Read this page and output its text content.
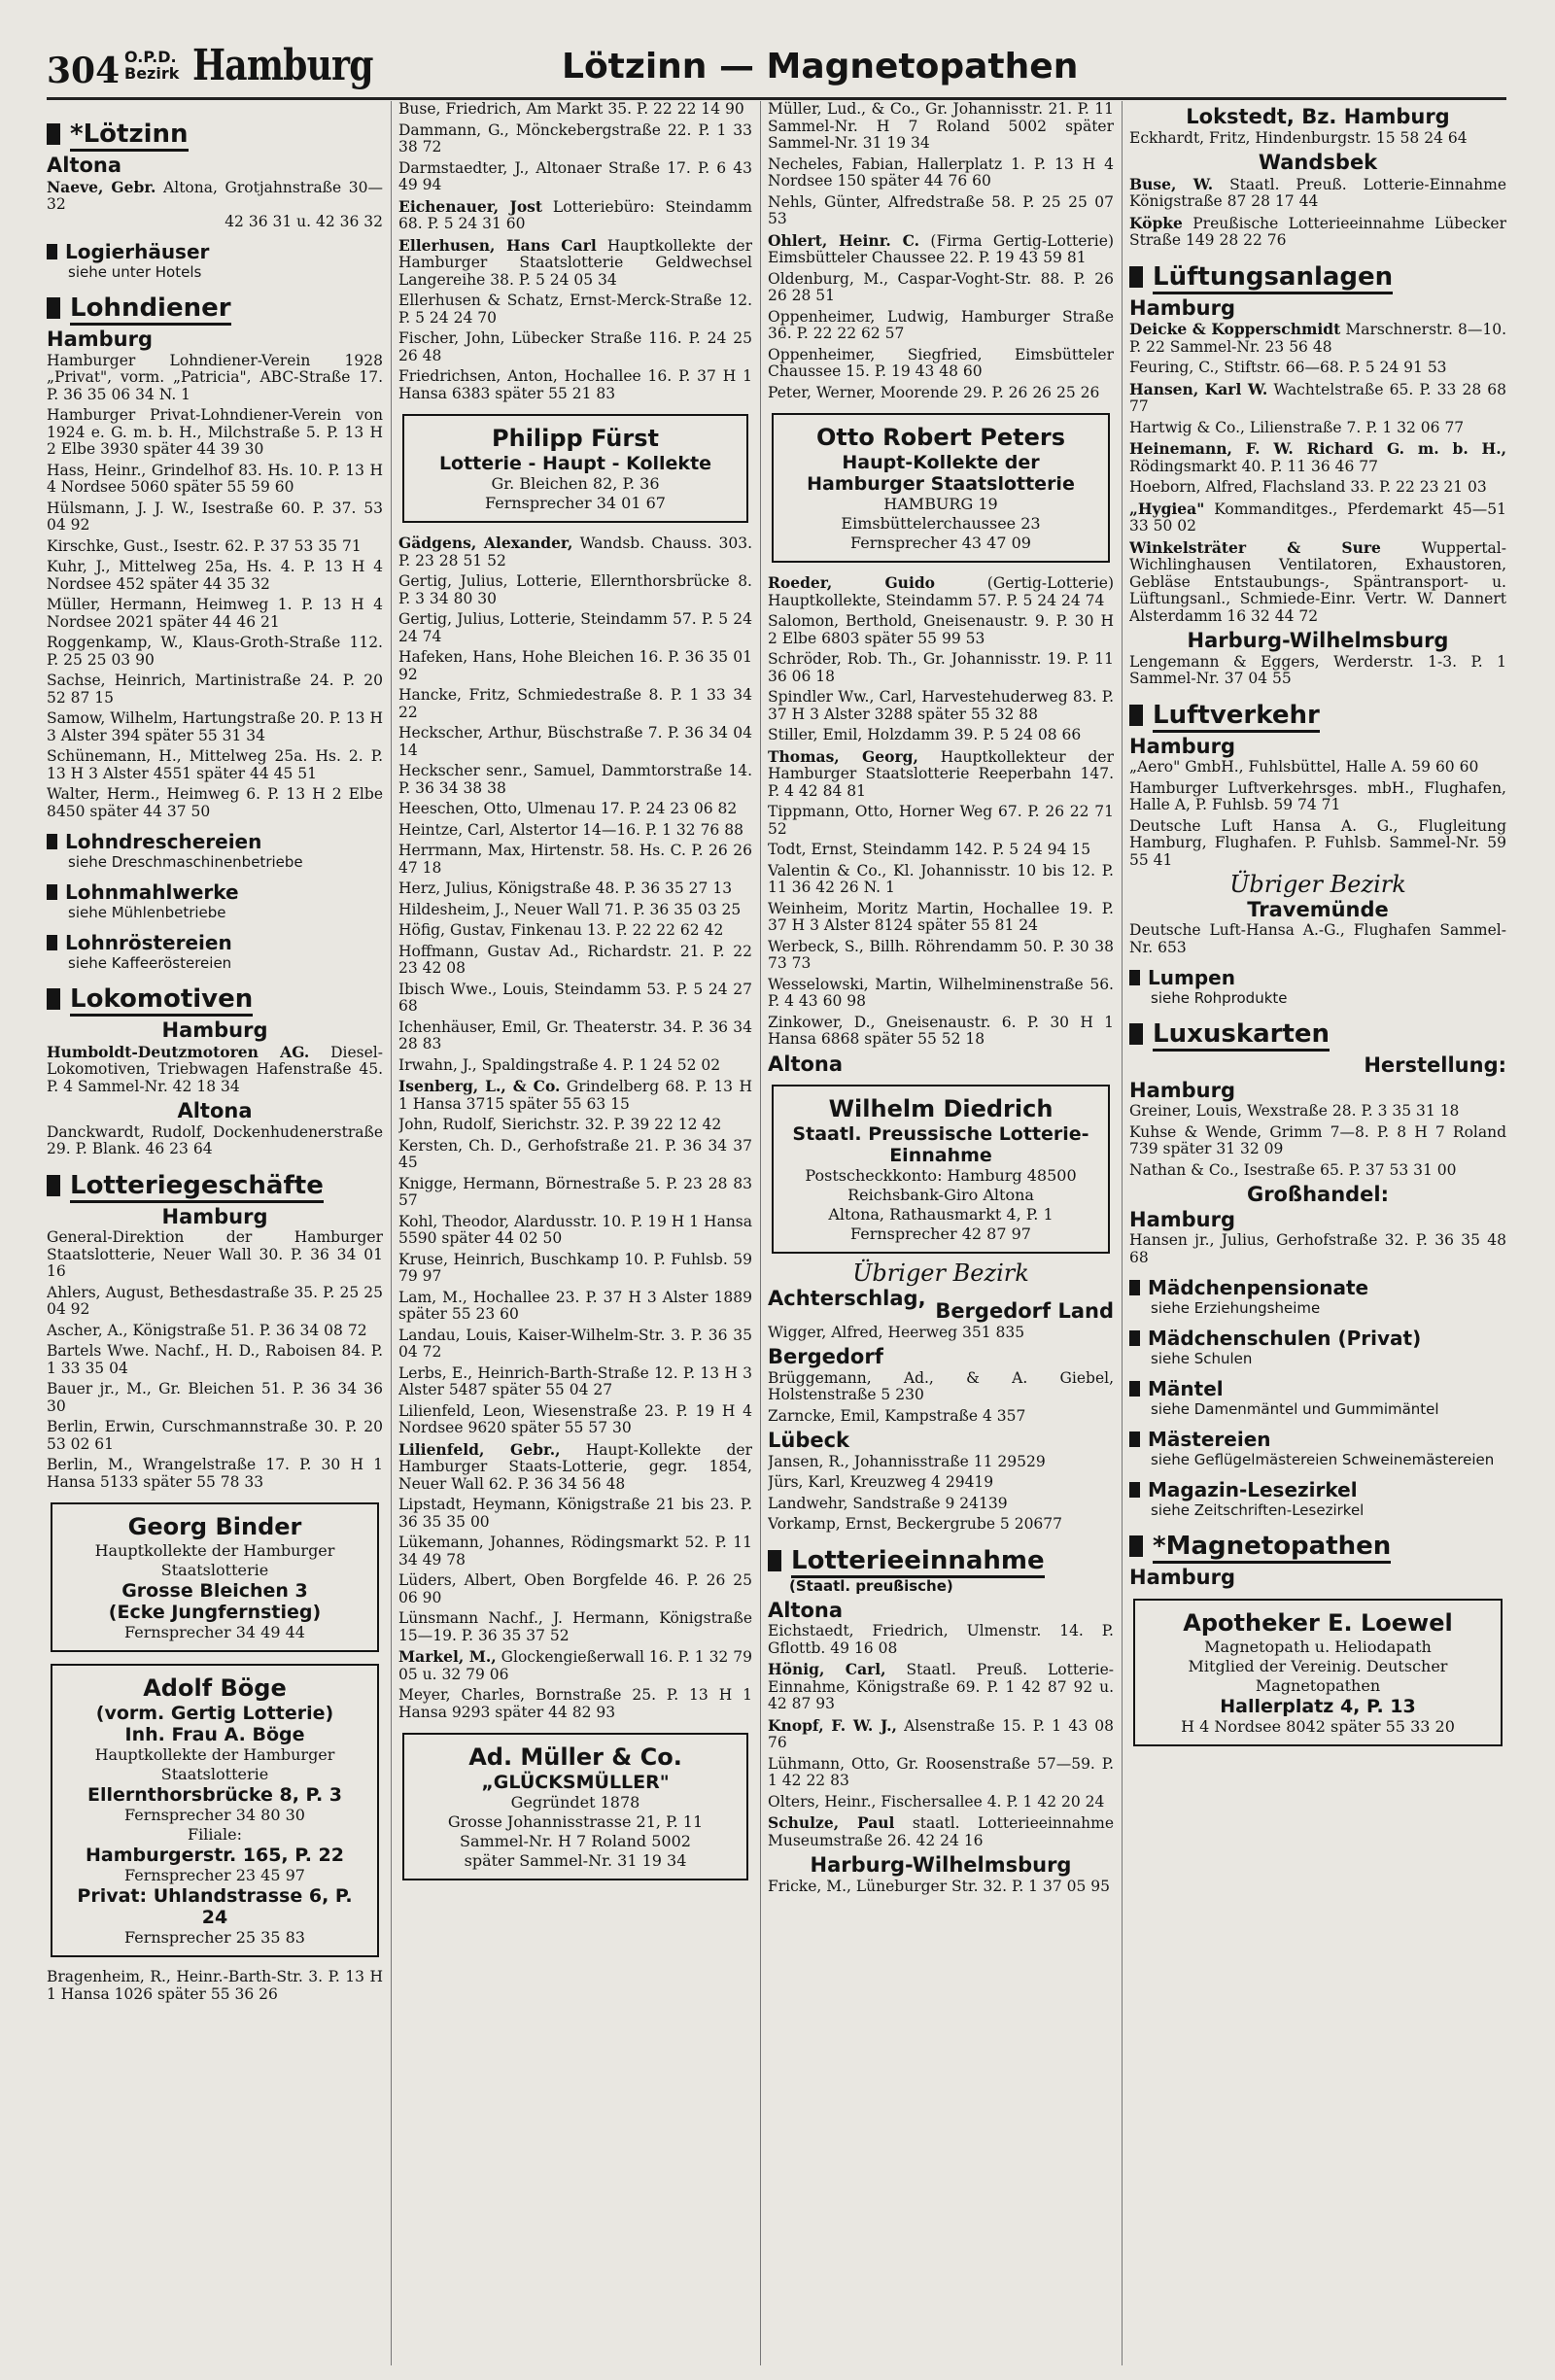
304 O.P.D.
Bezirk Hamburg	Lötzinn — Magnetopathen
*Lötzinn
Altona

Naeve, Gebr. Altona, Grotjahnstraße 30—32
42 36 31 u. 42 36 32

Logierhäuser
siehe unter Hotels
Lohndiener
Hamburg

Hamburger Lohndiener-Verein 1928 „Privat", vorm. „Patricia", ABC-Straße 17. P. 36 35 06 34 N. 1

Hamburger Privat-Lohndiener-Verein von 1924 e. G. m. b. H., Milchstraße 5. P. 13 H 2 Elbe 3930 später 44 39 30

Hass, Heinr., Grindelhof 83. Hs. 10. P. 13 H 4 Nordsee 5060 später 55 59 60

Hülsmann, J. J. W., Isestraße 60. P. 37. 53 04 92

Kirschke, Gust., Isestr. 62. P. 37 53 35 71

Kuhr, J., Mittelweg 25a, Hs. 4. P. 13 H 4 Nordsee 452 später 44 35 32

Müller, Hermann, Heimweg 1. P. 13 H 4 Nordsee 2021 später 44 46 21

Roggenkamp, W., Klaus-Groth-Straße 112. P. 25 25 03 90

Sachse, Heinrich, Martinistraße 24. P. 20 52 87 15

Samow, Wilhelm, Hartungstraße 20. P. 13 H 3 Alster 394 später 55 31 34

Schünemann, H., Mittelweg 25a. Hs. 2. P. 13 H 3 Alster 4551 später 44 45 51

Walter, Herm., Heimweg 6. P. 13 H 2 Elbe 8450 später 44 37 50

Lohndreschereien
siehe Dreschmaschinenbetriebe
Lohnmahlwerke
siehe Mühlenbetriebe
Lohnröstereien
siehe Kaffeeröstereien
Lokomotiven
Hamburg

Humboldt-Deutzmotoren AG. Diesel-Lokomotiven, Triebwagen Hafenstraße 45. P. 4 Sammel-Nr. 42 18 34

Altona

Danckwardt, Rudolf, Dockenhudenerstraße 29. P. Blank. 46 23 64

Lotteriegeschäfte
Hamburg

General-Direktion der Hamburger Staatslotterie, Neuer Wall 30. P. 36 34 01 16

Ahlers, August, Bethesdastraße 35. P. 25 25 04 92

Ascher, A., Königstraße 51. P. 36 34 08 72

Bartels Wwe. Nachf., H. D., Raboisen 84. P. 1 33 35 04

Bauer jr., M., Gr. Bleichen 51. P. 36 34 36 30

Berlin, Erwin, Curschmannstraße 30. P. 20 53 02 61

Berlin, M., Wrangelstraße 17. P. 30 H 1 Hansa 5133 später 55 78 33

Georg Binder
Hauptkollekte der Hamburger Staatslotterie
Grosse Bleichen 3
(Ecke Jungfernstieg)
Fernsprecher 34 49 44
Adolf Böge
(vorm. Gertig Lotterie)
Inh. Frau A. Böge
Hauptkollekte der Hamburger Staatslotterie
Ellernthorsbrücke 8, P. 3
Fernsprecher 34 80 30
Filiale:
Hamburgerstr. 165, P. 22
Fernsprecher 23 45 97
Privat: Uhlandstrasse 6, P. 24
Fernsprecher 25 35 83

Bragenheim, R., Heinr.-Barth-Str. 3. P. 13 H 1 Hansa 1026 später 55 36 26

Buse, Friedrich, Am Markt 35. P. 22 22 14 90

Dammann, G., Mönckebergstraße 22. P. 1 33 38 72

Darmstaedter, J., Altonaer Straße 17. P. 6 43 49 94

Eichenauer, Jost Lotteriebüro: Steindamm 68. P. 5 24 31 60

Ellerhusen, Hans Carl Hauptkollekte der Hamburger Staatslotterie Geldwechsel Langereihe 38. P. 5 24 05 34

Ellerhusen & Schatz, Ernst-Merck-Straße 12. P. 5 24 24 70

Fischer, John, Lübecker Straße 116. P. 24 25 26 48

Friedrichsen, Anton, Hochallee 16. P. 37 H 1 Hansa 6383 später 55 21 83

Philipp Fürst
Lotterie - Haupt - Kollekte
Gr. Bleichen 82, P. 36
Fernsprecher 34 01 67

Gädgens, Alexander, Wandsb. Chauss. 303. P. 23 28 51 52

Gertig, Julius, Lotterie, Ellernthorsbrücke 8. P. 3 34 80 30

Gertig, Julius, Lotterie, Steindamm 57. P. 5 24 24 74

Hafeken, Hans, Hohe Bleichen 16. P. 36 35 01 92

Hancke, Fritz, Schmiedestraße 8. P. 1 33 34 22

Heckscher, Arthur, Büschstraße 7. P. 36 34 04 14

Heckscher senr., Samuel, Dammtorstraße 14. P. 36 34 38 38

Heeschen, Otto, Ulmenau 17. P. 24 23 06 82

Heintze, Carl, Alstertor 14—16. P. 1 32 76 88

Herrmann, Max, Hirtenstr. 58. Hs. C. P. 26 26 47 18

Herz, Julius, Königstraße 48. P. 36 35 27 13

Hildesheim, J., Neuer Wall 71. P. 36 35 03 25

Höfig, Gustav, Finkenau 13. P. 22 22 62 42

Hoffmann, Gustav Ad., Richardstr. 21. P. 22 23 42 08

Ibisch Wwe., Louis, Steindamm 53. P. 5 24 27 68

Ichenhäuser, Emil, Gr. Theaterstr. 34. P. 36 34 28 83

Irwahn, J., Spaldingstraße 4. P. 1 24 52 02

Isenberg, L., & Co. Grindelberg 68. P. 13 H 1 Hansa 3715 später 55 63 15

John, Rudolf, Sierichstr. 32. P. 39 22 12 42

Kersten, Ch. D., Gerhofstraße 21. P. 36 34 37 45

Knigge, Hermann, Börnestraße 5. P. 23 28 83 57

Kohl, Theodor, Alardusstr. 10. P. 19 H 1 Hansa 5590 später 44 02 50

Kruse, Heinrich, Buschkamp 10. P. Fuhlsb. 59 79 97

Lam, M., Hochallee 23. P. 37 H 3 Alster 1889 später 55 23 60

Landau, Louis, Kaiser-Wilhelm-Str. 3. P. 36 35 04 72

Lerbs, E., Heinrich-Barth-Straße 12. P. 13 H 3 Alster 5487 später 55 04 27

Lilienfeld, Leon, Wiesenstraße 23. P. 19 H 4 Nordsee 9620 später 55 57 30

Lilienfeld, Gebr., Haupt-Kollekte der Hamburger Staats-Lotterie, gegr. 1854, Neuer Wall 62. P. 36 34 56 48

Lipstadt, Heymann, Königstraße 21 bis 23. P. 36 35 35 00

Lükemann, Johannes, Rödingsmarkt 52. P. 11 34 49 78

Lüders, Albert, Oben Borgfelde 46. P. 26 25 06 90

Lünsmann Nachf., J. Hermann, Königstraße 15—19. P. 36 35 37 52

Markel, M., Glockengießerwall 16. P. 1 32 79 05 u. 32 79 06

Meyer, Charles, Bornstraße 25. P. 13 H 1 Hansa 9293 später 44 82 93

Ad. Müller & Co.
„GLÜCKSMÜLLER"
Gegründet 1878
Grosse Johannisstrasse 21, P. 11
Sammel-Nr. H 7 Roland 5002
später Sammel-Nr. 31 19 34

Müller, Lud., & Co., Gr. Johannisstr. 21. P. 11 Sammel-Nr. H 7 Roland 5002 später Sammel-Nr. 31 19 34

Necheles, Fabian, Hallerplatz 1. P. 13 H 4 Nordsee 150 später 44 76 60

Nehls, Günter, Alfredstraße 58. P. 25 25 07 53

Ohlert, Heinr. C. (Firma Gertig-Lotterie) Eimsbütteler Chaussee 22. P. 19 43 59 81

Oldenburg, M., Caspar-Voght-Str. 88. P. 26 26 28 51

Oppenheimer, Ludwig, Hamburger Straße 36. P. 22 22 62 57

Oppenheimer, Siegfried, Eimsbütteler Chaussee 15. P. 19 43 48 60

Peter, Werner, Moorende 29. P. 26 26 25 26

Otto Robert Peters
Haupt-Kollekte der
Hamburger Staatslotterie
HAMBURG 19
Eimsbüttelerchaussee 23
Fernsprecher 43 47 09

Roeder, Guido (Gertig-Lotterie) Hauptkollekte, Steindamm 57. P. 5 24 24 74

Salomon, Berthold, Gneisenaustr. 9. P. 30 H 2 Elbe 6803 später 55 99 53

Schröder, Rob. Th., Gr. Johannisstr. 19. P. 11 36 06 18

Spindler Ww., Carl, Harvestehuderweg 83. P. 37 H 3 Alster 3288 später 55 32 88

Stiller, Emil, Holzdamm 39. P. 5 24 08 66

Thomas, Georg, Hauptkollekteur der Hamburger Staatslotterie Reeperbahn 147. P. 4 42 84 81

Tippmann, Otto, Horner Weg 67. P. 26 22 71 52

Todt, Ernst, Steindamm 142. P. 5 24 94 15

Valentin & Co., Kl. Johannisstr. 10 bis 12. P. 11 36 42 26 N. 1

Weinheim, Moritz Martin, Hochallee 19. P. 37 H 3 Alster 8124 später 55 81 24

Werbeck, S., Billh. Röhrendamm 50. P. 30 38 73 73

Wesselowski, Martin, Wilhelminenstraße 56. P. 4 43 60 98

Zinkower, D., Gneisenaustr. 6. P. 30 H 1 Hansa 6868 später 55 52 18

Altona
Wilhelm Diedrich
Staatl. Preussische Lotterie-Einnahme
Postscheckkonto: Hamburg 48500
Reichsbank-Giro Altona
Altona, Rathausmarkt 4, P. 1
Fernsprecher 42 87 97
Übriger Bezirk
Achterschlag,
Bergedorf Land

Wigger, Alfred, Heerweg 351 835

Bergedorf

Brüggemann, Ad., & A. Giebel, Holstenstraße 5 230

Zarncke, Emil, Kampstraße 4 357

Lübeck

Jansen, R., Johannisstraße 11 29529

Jürs, Karl, Kreuzweg 4 29419

Landwehr, Sandstraße 9 24139

Vorkamp, Ernst, Beckergrube 5 20677

Lotterieeinnahme
(Staatl. preußische)
Altona

Eichstaedt, Friedrich, Ulmenstr. 14. P. Gflottb. 49 16 08

Hönig, Carl, Staatl. Preuß. Lotterie-Einnahme, Königstraße 69. P. 1 42 87 92 u. 42 87 93

Knopf, F. W. J., Alsenstraße 15. P. 1 43 08 76

Lühmann, Otto, Gr. Roosenstraße 57—59. P. 1 42 22 83

Olters, Heinr., Fischersallee 4. P. 1 42 20 24

Schulze, Paul staatl. Lotterieeinnahme Museumstraße 26. 42 24 16

Harburg-Wilhelmsburg

Fricke, M., Lüneburger Str. 32. P. 1 37 05 95

Lokstedt, Bz. Hamburg

Eckhardt, Fritz, Hindenburgstr. 15 58 24 64

Wandsbek

Buse, W. Staatl. Preuß. Lotterie-Einnahme Königstraße 87 28 17 44

Köpke Preußische Lotterieeinnahme Lübecker Straße 149 28 22 76

Lüftungsanlagen
Hamburg

Deicke & Kopperschmidt Marschnerstr. 8—10. P. 22 Sammel-Nr. 23 56 48

Feuring, C., Stiftstr. 66—68. P. 5 24 91 53

Hansen, Karl W. Wachtelstraße 65. P. 33 28 68 77

Hartwig & Co., Lilienstraße 7. P. 1 32 06 77

Heinemann, F. W. Richard G. m. b. H., Rödingsmarkt 40. P. 11 36 46 77

Hoeborn, Alfred, Flachsland 33. P. 22 23 21 03

„Hygiea" Kommanditges., Pferdemarkt 45—51 33 50 02

Winkelsträter & Sure Wuppertal-Wichlinghausen Ventilatoren, Exhaustoren, Gebläse Entstaubungs-, Späntransport- u. Lüftungsanl., Schmiede-Einr. Vertr. W. Dannert Alsterdamm 16 32 44 72

Harburg-Wilhelmsburg

Lengemann & Eggers, Werderstr. 1-3. P. 1 Sammel-Nr. 37 04 55

Luftverkehr
Hamburg

„Aero" GmbH., Fuhlsbüttel, Halle A. 59 60 60

Hamburger Luftverkehrsges. mbH., Flughafen, Halle A, P. Fuhlsb. 59 74 71

Deutsche Luft Hansa A. G., Flugleitung Hamburg, Flughafen. P. Fuhlsb. Sammel-Nr. 59 55 41

Übriger Bezirk
Travemünde

Deutsche Luft-Hansa A.-G., Flughafen Sammel-Nr. 653

Lumpen
siehe Rohprodukte
Luxuskarten
Herstellung:
Hamburg

Greiner, Louis, Wexstraße 28. P. 3 35 31 18

Kuhse & Wende, Grimm 7—8. P. 8 H 7 Roland 739 später 31 32 09

Nathan & Co., Isestraße 65. P. 37 53 31 00

Großhandel:
Hamburg

Hansen jr., Julius, Gerhofstraße 32. P. 36 35 48 68

Mädchenpensionate
siehe Erziehungsheime
Mädchenschulen (Privat)
siehe Schulen
Mäntel
siehe Damenmäntel und Gummimäntel
Mästereien
siehe Geflügelmästereien Schweinemästereien
Magazin-Lesezirkel
siehe Zeitschriften-Lesezirkel
*Magnetopathen
Hamburg
Apotheker E. Loewel
Magnetopath u. Heliodapath
Mitglied der Vereinig. Deutscher Magnetopathen
Hallerplatz 4, P. 13
H 4 Nordsee 8042 später 55 33 20
